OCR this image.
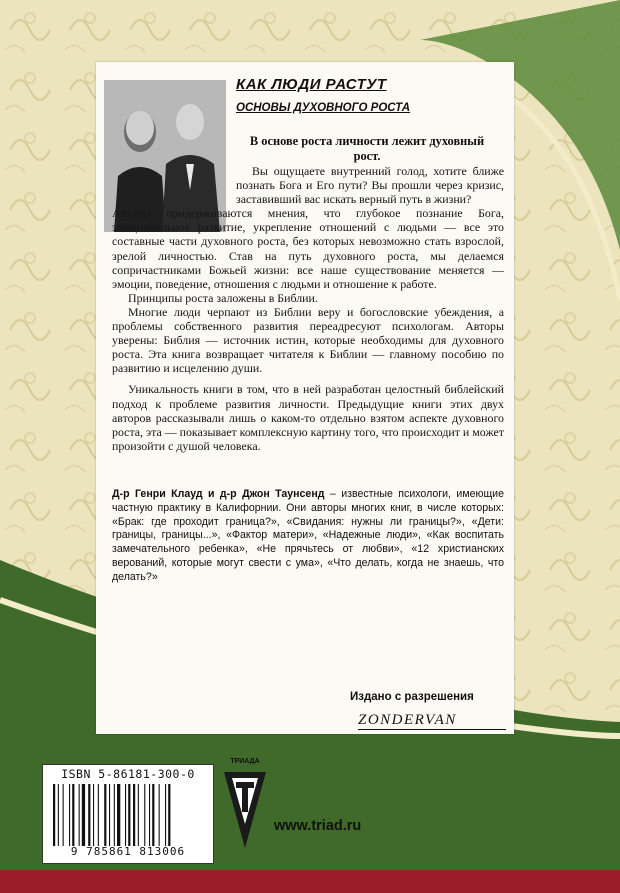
КАК ЛЮДИ РАСТУТ
ОСНОВЫ ДУХОВНОГО РОСТА

В основе роста личности лежит духовный рост.

Вы ощущаете внутренний голод, хотите ближе познать Бога и Его пути? Вы прошли через кризис, заставивший вас искать верный путь в жизни?

Авторы придерживаются мнения, что глубокое познание Бога, эмоциональное развитие, укрепление отношений с людьми — все это составные части духовного роста, без которых невозможно стать взрослой, зрелой личностью. Став на путь духовного роста, мы делаемся сопричастниками Божьей жизни: все наше существование меняется — эмоции, поведение, отношения с людьми и отношение к работе.

Принципы роста заложены в Библии.

Многие люди черпают из Библии веру и богословские убеждения, а проблемы собственного развития переадресуют психологам. Авторы уверены: Библия — источник истин, которые необходимы для духовного роста. Эта книга возвращает читателя к Библии — главному пособию по развитию и исцелению души.

Уникальность книги в том, что в ней разработан целостный библейский подход к проблеме развития личности. Предыдущие книги этих двух авторов рассказывали лишь о каком-то отдельно взятом аспекте духовного роста, эта — показывает комплексную картину того, что происходит и может произойти с душой человека.

Д-р Генри Клауд и д-р Джон Таунсенд – известные психологи, имеющие частную практику в Калифорнии. Они авторы многих книг, в числе которых: «Брак: где проходит граница?», «Свидания: нужны ли границы?», «Дети: границы, границы...», «Фактор матери», «Надежные люди», «Как воспитать замечательного ребенка», «Не прячьтесь от любви», «12 христианских верований, которые могут свести с ума», «Что делать, когда не знаешь, что делать?»

Издано с разрешения

ZONDERVAN

ISBN 5-86181-300-0

9 785861 813006

ТРИАДА

www.triad.ru
